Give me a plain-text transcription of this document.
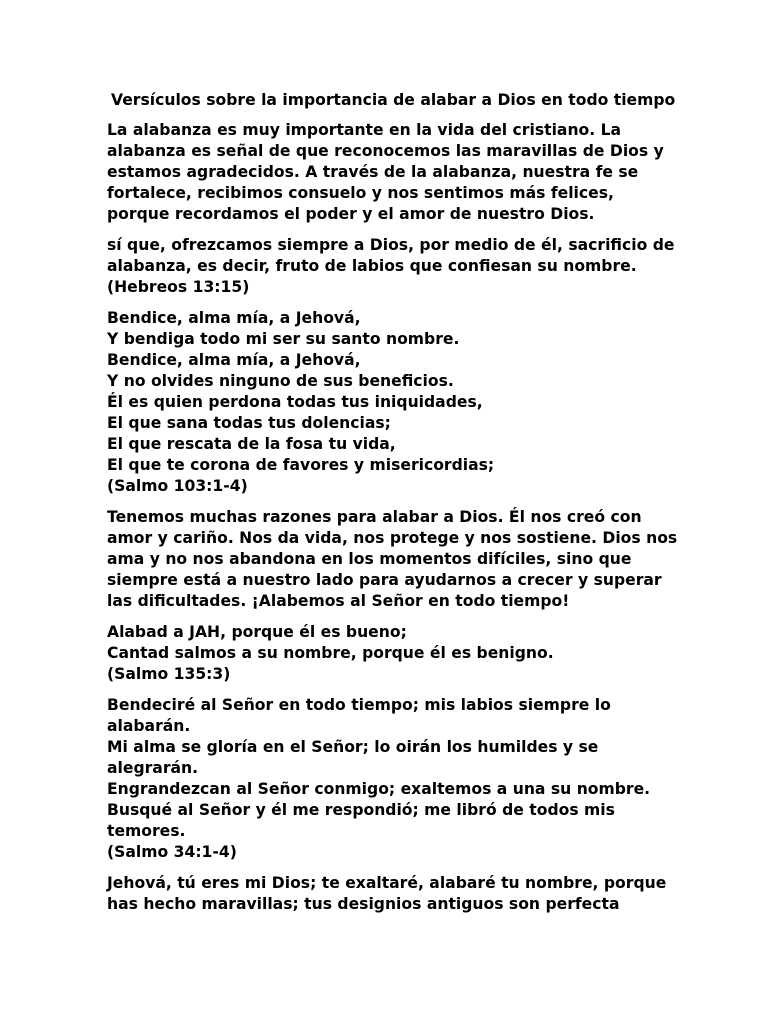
Versículos sobre la importancia de alabar a Dios en todo tiempo

La alabanza es muy importante en la vida del cristiano. La
alabanza es señal de que reconocemos las maravillas de Dios y
estamos agradecidos. A través de la alabanza, nuestra fe se
fortalece, recibimos consuelo y nos sentimos más felices,
porque recordamos el poder y el amor de nuestro Dios.

sí que, ofrezcamos siempre a Dios, por medio de él, sacrificio de
alabanza, es decir, fruto de labios que confiesan su nombre.
(Hebreos 13:15)

Bendice, alma mía, a Jehová,
Y bendiga todo mi ser su santo nombre.
Bendice, alma mía, a Jehová,
Y no olvides ninguno de sus beneficios.
Él es quien perdona todas tus iniquidades,
El que sana todas tus dolencias;
El que rescata de la fosa tu vida,
El que te corona de favores y misericordias;
(Salmo 103:1-4)

Tenemos muchas razones para alabar a Dios. Él nos creó con
amor y cariño. Nos da vida, nos protege y nos sostiene. Dios nos
ama y no nos abandona en los momentos difíciles, sino que
siempre está a nuestro lado para ayudarnos a crecer y superar
las dificultades. ¡Alabemos al Señor en todo tiempo!

Alabad a JAH, porque él es bueno;
Cantad salmos a su nombre, porque él es benigno.
(Salmo 135:3)

Bendeciré al Señor en todo tiempo; mis labios siempre lo
alabarán.
Mi alma se gloría en el Señor; lo oirán los humildes y se
alegrarán.
Engrandezcan al Señor conmigo; exaltemos a una su nombre.
Busqué al Señor y él me respondió; me libró de todos mis
temores.
(Salmo 34:1-4)

Jehová, tú eres mi Dios; te exaltaré, alabaré tu nombre, porque
has hecho maravillas; tus designios antiguos son perfecta
